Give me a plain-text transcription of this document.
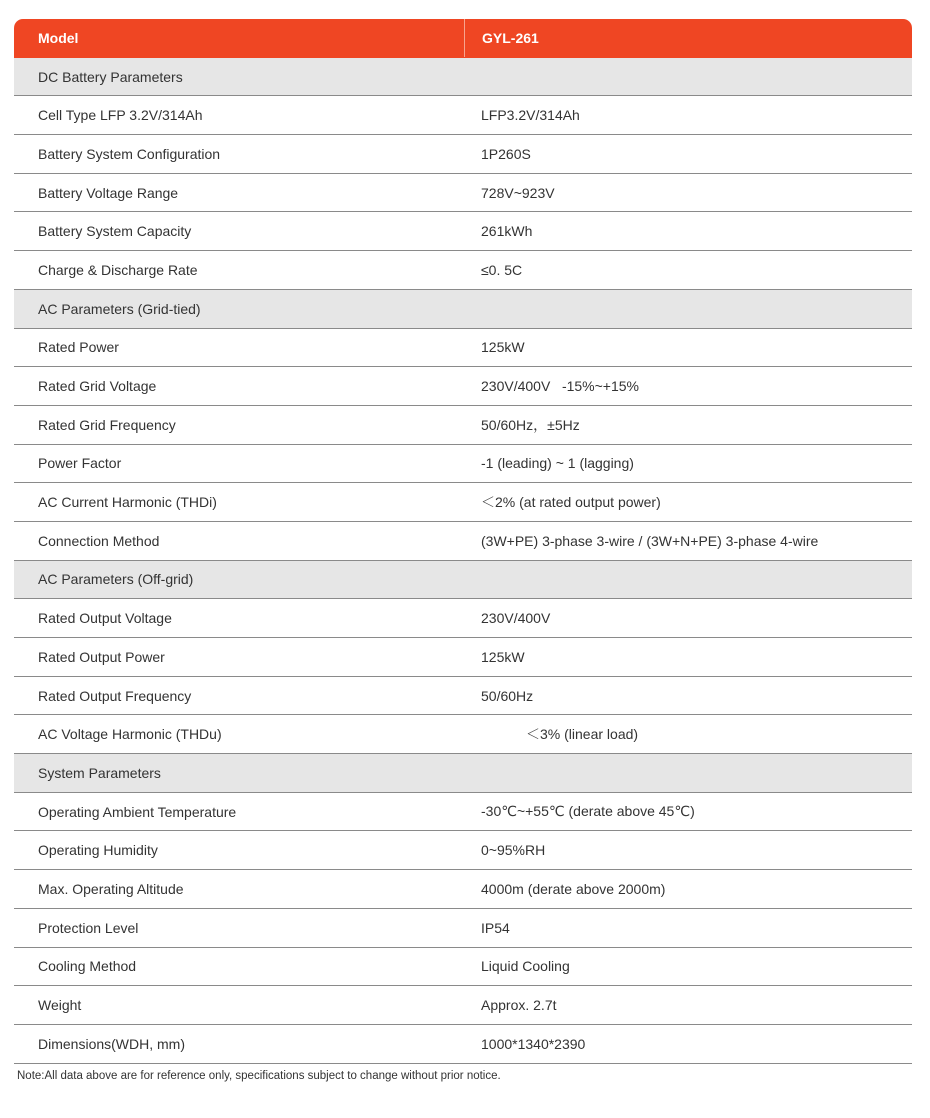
Model	GYL-261
DC Battery Parameters
Cell Type LFP 3.2V/314Ah	LFP3.2V/314Ah
Battery System Configuration	1P260S
Battery Voltage Range	728V~923V
Battery System Capacity	261kWh
Charge & Discharge Rate	≤0. 5C
AC Parameters (Grid-tied)
Rated Power	125kW
Rated Grid Voltage	230V/400V   -15%~+15%
Rated Grid Frequency	50/60Hz，±5Hz
Power Factor	-1 (leading) ~ 1 (lagging)
AC Current Harmonic (THDi)	＜2% (at rated output power)
Connection Method	(3W+PE) 3-phase 3-wire / (3W+N+PE) 3-phase 4-wire
AC Parameters (Off-grid)
Rated Output Voltage	230V/400V
Rated Output Power	125kW
Rated Output Frequency	50/60Hz
AC Voltage Harmonic (THDu)	＜3% (linear load)
System Parameters
Operating Ambient Temperature	-30℃~+55℃ (derate above 45℃)
Operating Humidity	0~95%RH
Max. Operating Altitude	4000m (derate above 2000m)
Protection Level	IP54
Cooling Method	Liquid Cooling
Weight	Approx. 2.7t
Dimensions(WDH, mm)	1000*1340*2390
Note:All data above are for reference only, specifications subject to change without prior notice.
